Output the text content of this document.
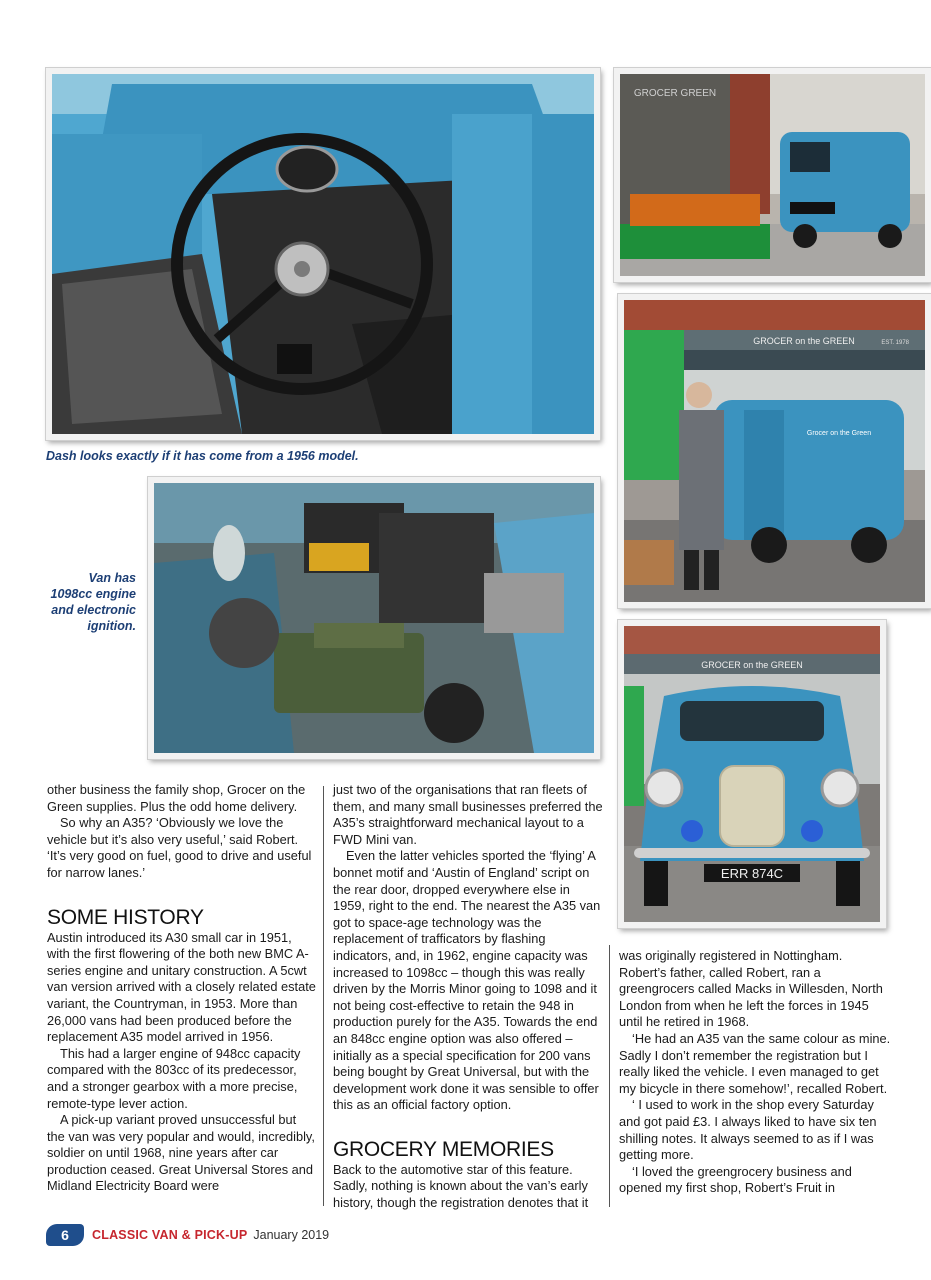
Dash looks exactly if it has come from a 1956 model.
Van has
1098cc engine
and electronic
ignition.
GROCER GREEN
GROCER on the GREEN	EST. 1978
Grocer on the Green
ERR 874C
GROCER on the GREEN

other business the family shop, Grocer on the Green supplies. Plus the odd home delivery.

So why an A35? ‘Obviously we love the vehicle but it’s also very useful,’ said Robert. ‘It’s very good on fuel, good to drive and useful for narrow lanes.’

SOME HISTORY

Austin introduced its A30 small car in 1951, with the first flowering of the both new BMC A-series engine and unitary construction. A 5cwt van version arrived with a closely related estate variant, the Countryman, in 1953. More than 26,000 vans had been produced before the replacement A35 model arrived in 1956.

This had a larger engine of 948cc capacity compared with the 803cc of its predecessor, and a stronger gearbox with a more precise, remote-type lever action.

A pick-up variant proved unsuccessful but the van was very popular and would, incredibly, soldier on until 1968, nine years after car production ceased. Great Universal Stores and Midland Electricity Board were

just two of the organisations that ran fleets of them, and many small businesses preferred the A35’s straightforward mechanical layout to a FWD Mini van.

Even the latter vehicles sported the ‘flying’ A bonnet motif and ‘Austin of England’ script on the rear door, dropped everywhere else in 1959, right to the end. The nearest the A35 van got to space-age technology was the replacement of trafficators by flashing indicators, and, in 1962, engine capacity was increased to 1098cc – though this was really driven by the Morris Minor going to 1098 and it not being cost-effective to retain the 948 in production purely for the A35. Towards the end an 848cc engine option was also offered – initially as a special specification for 200 vans being bought by Great Universal, but with the development work done it was sensible to offer this as an official factory option.

GROCERY MEMORIES

Back to the automotive star of this feature. Sadly, nothing is known about the van’s early history, though the registration denotes that it

was originally registered in Nottingham. Robert’s father, called Robert, ran a greengrocers called Macks in Willesden, North London from when he left the forces in 1945 until he retired in 1968.

‘He had an A35 van the same colour as mine. Sadly I don’t remember the registration but I really liked the vehicle. I even managed to get my bicycle in there somehow!’, recalled Robert.

‘ I used to work in the shop every Saturday and got paid £3. I always liked to have six ten shilling notes. It always seemed to as if I was getting more.

‘I loved the greengrocery business and opened my first shop, Robert’s Fruit in

6	CLASSIC VAN & PICK-UP January 2019
